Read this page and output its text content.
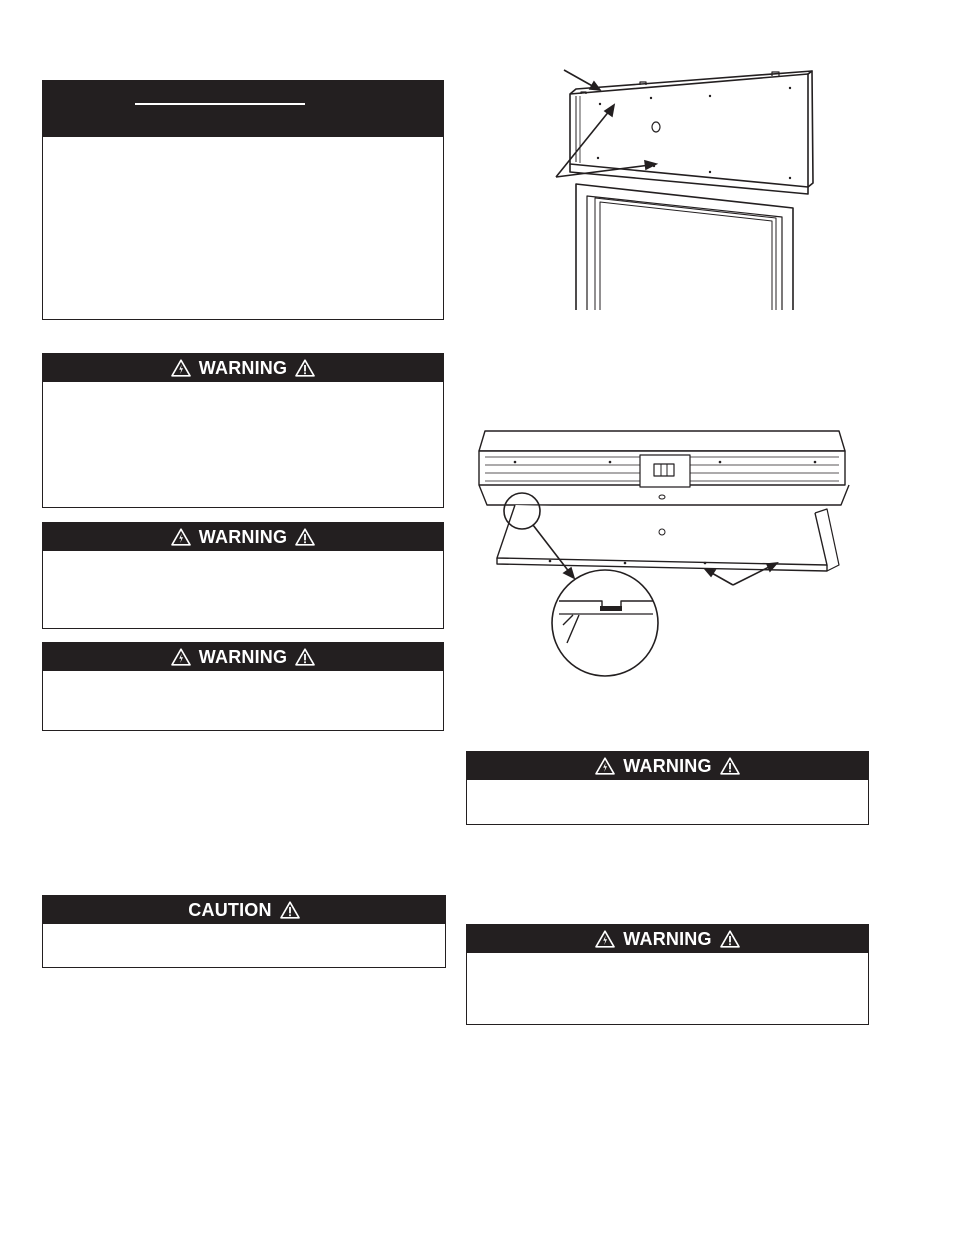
WARNING
WARNING
WARNING
CAUTION
WARNING
WARNING
